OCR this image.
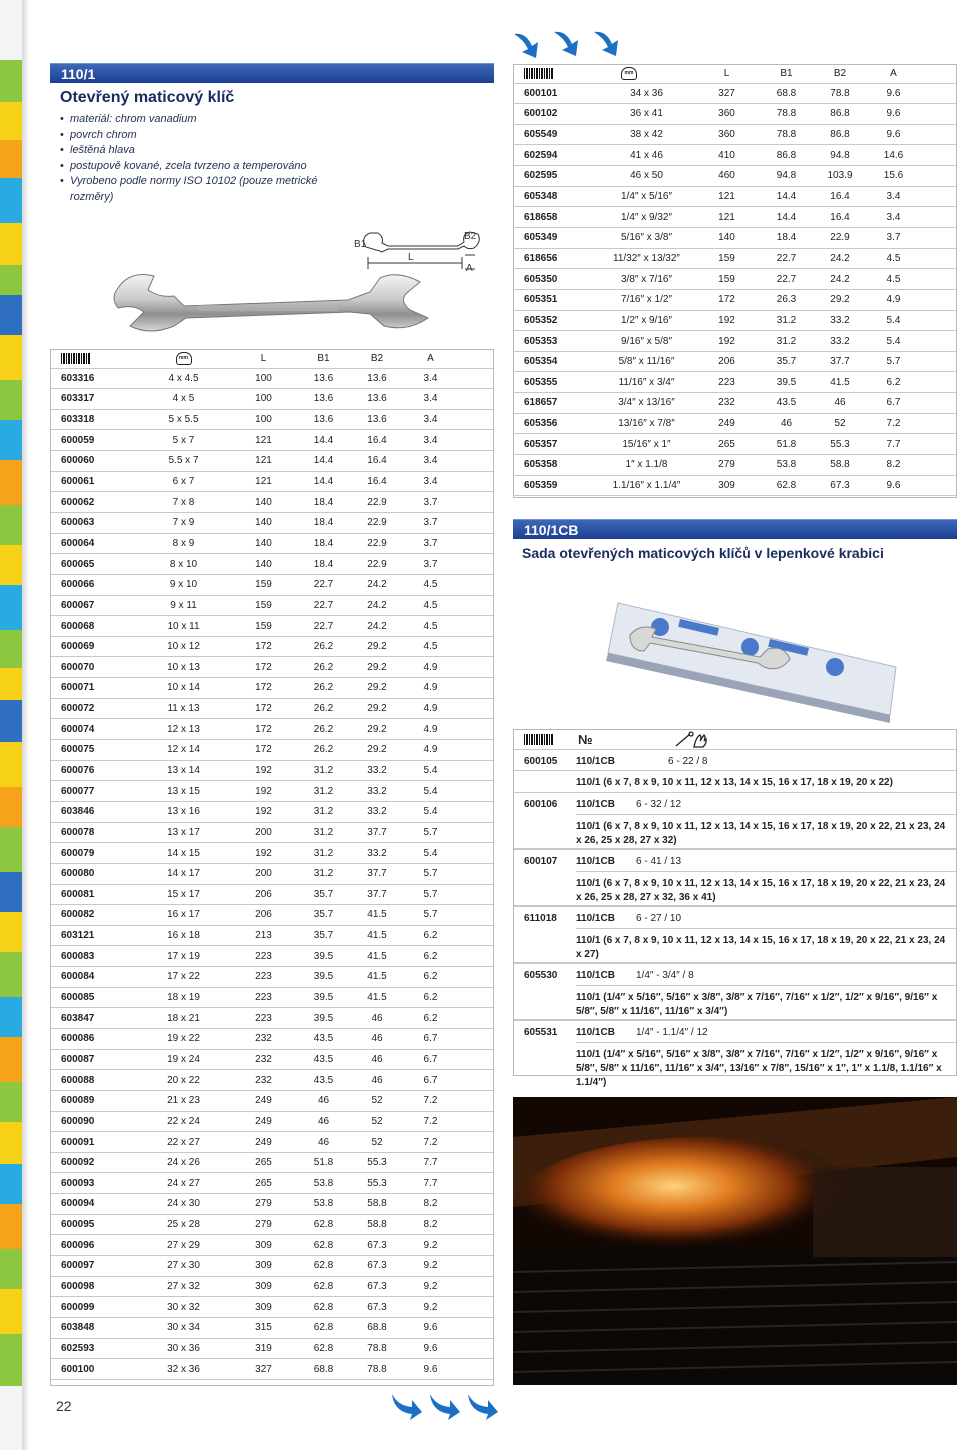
110/1
Otevřený maticový klíč
• materiál: chrom vanadium
• povrch chrom
• leštěná hlava
• postupově kované, zcela tvrzeno a temperováno
• Vyrobeno podle normy ISO 10102 (pouze metrické rozměry)
B1
L
B2
A
	mm	L	B1	B2	A	
603316	4 x 4.5	100	13.6	13.6	3.4	
603317	4 x 5	100	13.6	13.6	3.4	
603318	5 x 5.5	100	13.6	13.6	3.4	
600059	5 x 7	121	14.4	16.4	3.4	
600060	5.5 x 7	121	14.4	16.4	3.4	
600061	6 x 7	121	14.4	16.4	3.4	
600062	7 x 8	140	18.4	22.9	3.7	
600063	7 x 9	140	18.4	22.9	3.7	
600064	8 x 9	140	18.4	22.9	3.7	
600065	8 x 10	140	18.4	22.9	3.7	
600066	9 x 10	159	22.7	24.2	4.5	
600067	9 x 11	159	22.7	24.2	4.5	
600068	10 x 11	159	22.7	24.2	4.5	
600069	10 x 12	172	26.2	29.2	4.5	
600070	10 x 13	172	26.2	29.2	4.9	
600071	10 x 14	172	26.2	29.2	4.9	
600072	11 x 13	172	26.2	29.2	4.9	
600074	12 x 13	172	26.2	29.2	4.9	
600075	12 x 14	172	26.2	29.2	4.9	
600076	13 x 14	192	31.2	33.2	5.4	
600077	13 x 15	192	31.2	33.2	5.4	
603846	13 x 16	192	31.2	33.2	5.4	
600078	13 x 17	200	31.2	37.7	5.7	
600079	14 x 15	192	31.2	33.2	5.4	
600080	14 x 17	200	31.2	37.7	5.7	
600081	15 x 17	206	35.7	37.7	5.7	
600082	16 x 17	206	35.7	41.5	5.7	
603121	16 x 18	213	35.7	41.5	6.2	
600083	17 x 19	223	39.5	41.5	6.2	
600084	17 x 22	223	39.5	41.5	6.2	
600085	18 x 19	223	39.5	41.5	6.2	
603847	18 x 21	223	39.5	46	6.2	
600086	19 x 22	232	43.5	46	6.7	
600087	19 x 24	232	43.5	46	6.7	
600088	20 x 22	232	43.5	46	6.7	
600089	21 x 23	249	46	52	7.2	
600090	22 x 24	249	46	52	7.2	
600091	22 x 27	249	46	52	7.2	
600092	24 x 26	265	51.8	55.3	7.7	
600093	24 x 27	265	53.8	55.3	7.7	
600094	24 x 30	279	53.8	58.8	8.2	
600095	25 x 28	279	62.8	58.8	8.2	
600096	27 x 29	309	62.8	67.3	9.2	
600097	27 x 30	309	62.8	67.3	9.2	
600098	27 x 32	309	62.8	67.3	9.2	
600099	30 x 32	309	62.8	67.3	9.2	
603848	30 x 34	315	62.8	68.8	9.6	
602593	30 x 36	319	62.8	78.8	9.6	
600100	32 x 36	327	68.8	78.8	9.6	
	mm	L	B1	B2	A	
600101	34 x 36	327	68.8	78.8	9.6	
600102	36 x 41	360	78.8	86.8	9.6	
605549	38 x 42	360	78.8	86.8	9.6	
602594	41 x 46	410	86.8	94.8	14.6	
602595	46 x 50	460	94.8	103.9	15.6	
605348	1/4″ x 5/16″	121	14.4	16.4	3.4	
618658	1/4″ x 9/32″	121	14.4	16.4	3.4	
605349	5/16″ x 3/8″	140	18.4	22.9	3.7	
618656	11/32″ x 13/32″	159	22.7	24.2	4.5	
605350	3/8″ x 7/16″	159	22.7	24.2	4.5	
605351	7/16″ x 1/2″	172	26.3	29.2	4.9	
605352	1/2″ x 9/16″	192	31.2	33.2	5.4	
605353	9/16″ x 5/8″	192	31.2	33.2	5.4	
605354	5/8″ x 11/16″	206	35.7	37.7	5.7	
605355	11/16″ x 3/4″	223	39.5	41.5	6.2	
618657	3/4″ x 13/16″	232	43.5	46	6.7	
605356	13/16″ x 7/8″	249	46	52	7.2	
605357	15/16″ x 1″	265	51.8	55.3	7.7	
605358	1″ x 1.1/8	279	53.8	58.8	8.2	
605359	1.1/16″ x 1.1/4″	309	62.8	67.3	9.6	
110/1CB
Sada otevřených maticových klíčů v lepenkové krabici
№
600105 110/1CB	6 - 22 / 8
110/1 (6 x 7, 8 x 9, 10 x 11, 12 x 13, 14 x 15, 16 x 17, 18 x 19, 20 x 22)
600106 110/1CB 6 - 32 / 12
110/1 (6 x 7, 8 x 9, 10 x 11, 12 x 13, 14 x 15, 16 x 17, 18 x 19, 20 x 22, 21 x 23, 24 x 26, 25 x 28, 27 x 32)
600107 110/1CB 6 - 41 / 13
110/1 (6 x 7, 8 x 9, 10 x 11, 12 x 13, 14 x 15, 16 x 17, 18 x 19, 20 x 22, 21 x 23, 24 x 26, 25 x 28, 27 x 32, 36 x 41)
611018 110/1CB 6 - 27 / 10
110/1 (6 x 7, 8 x 9, 10 x 11, 12 x 13, 14 x 15, 16 x 17, 18 x 19, 20 x 22, 21 x 23, 24 x 27)
605530 110/1CB 1/4″ - 3/4″ / 8
110/1 (1/4″ x 5/16″, 5/16″ x 3/8″, 3/8″ x 7/16″, 7/16″ x 1/2″, 1/2″ x 9/16″, 9/16″ x 5/8″, 5/8″ x 11/16″, 11/16″ x 3/4″)
605531 110/1CB 1/4″ - 1.1/4″ / 12
110/1 (1/4″ x 5/16″, 5/16″ x 3/8″, 3/8″ x 7/16″, 7/16″ x 1/2″, 1/2″ x 9/16″, 9/16″ x 5/8″, 5/8″ x 11/16″, 11/16″ x 3/4″, 13/16″ x 7/8″, 15/16″ x 1″, 1″ x 1.1/8, 1.1/16″ x 1.1/4″)
22
